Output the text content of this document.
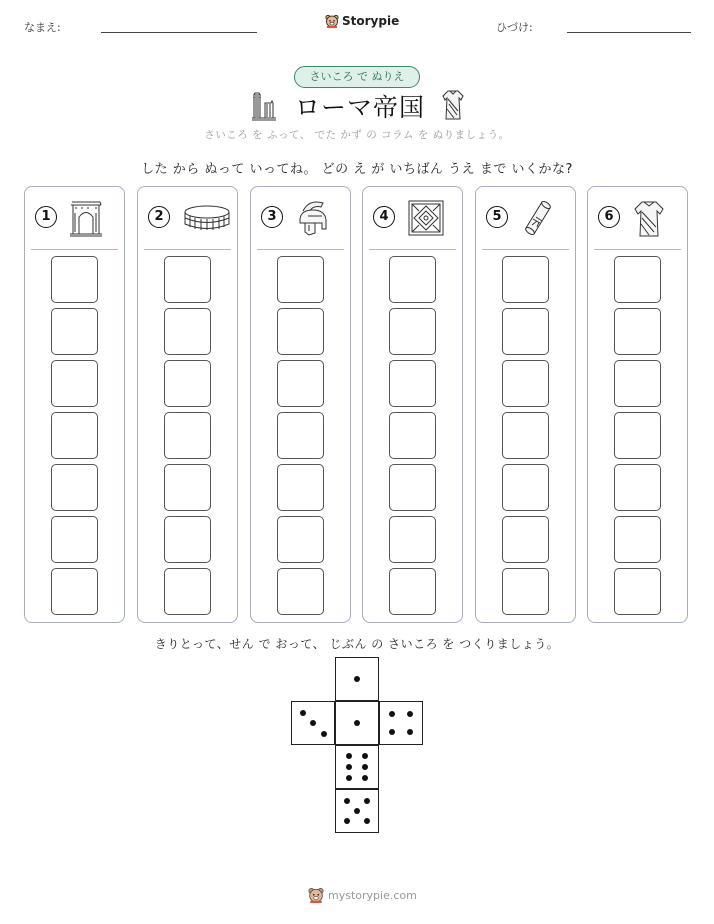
なまえ:	Storypie	ひづけ:
さいころ で ぬりえ
ローマ帝国
さいころ を ふって、 でた かず の コラム を ぬりましょう。
した から ぬって いってね。 どの え が いちばん うえ まで いくかな?
1	2	3	4	5	6
きりとって、せん で おって、 じぶん の さいころ を つくりましょう。
mystorypie.com
